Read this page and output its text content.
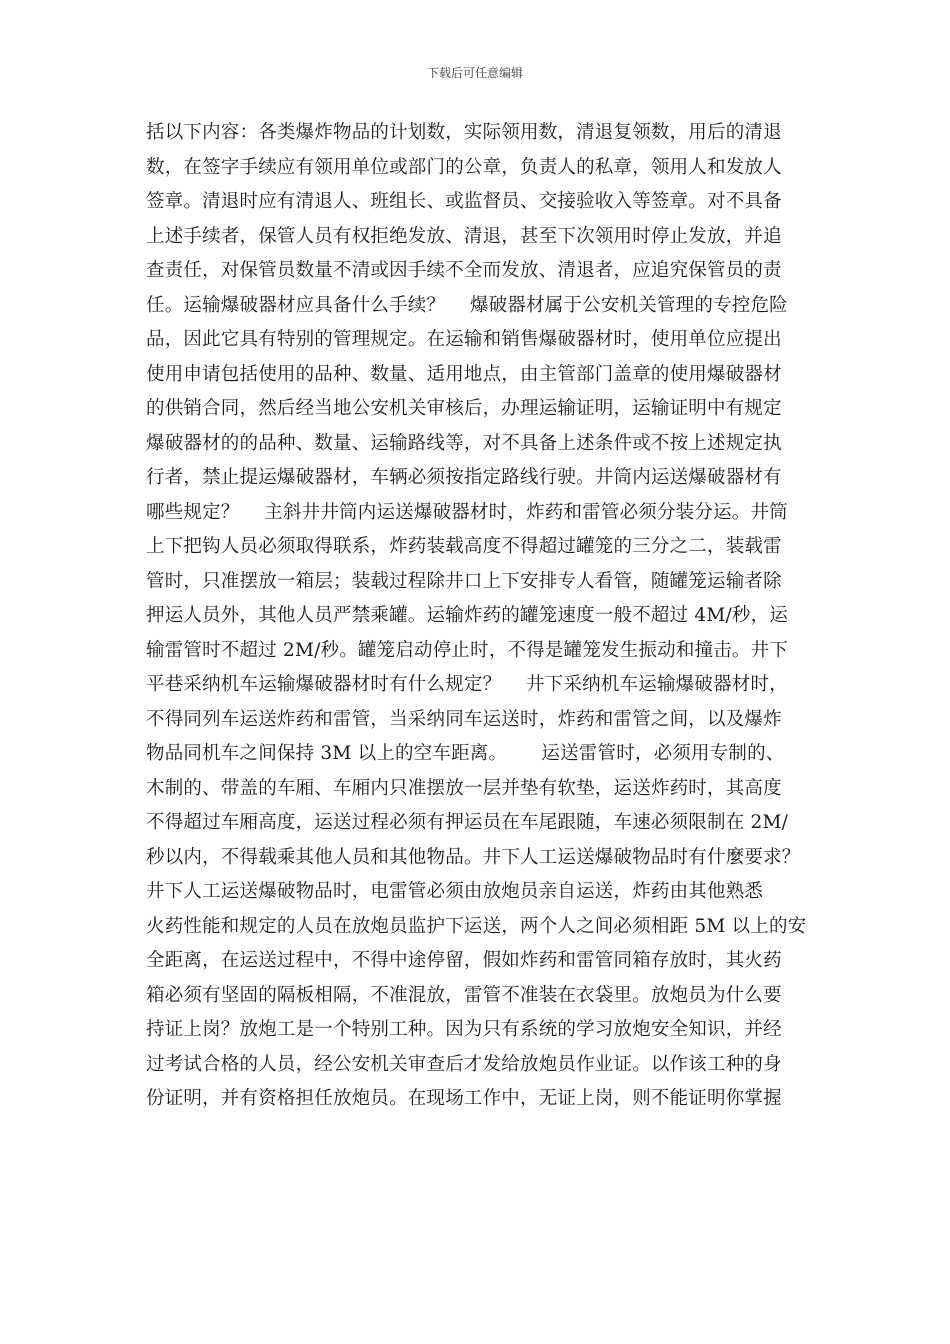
下载后可任意编辑
括以下内容：各类爆炸物品的计划数，实际领用数，清退复领数，用后的清退
数，在签字手续应有领用单位或部门的公章，负责人的私章，领用人和发放人
签章。清退时应有清退人、班组长、或监督员、交接验收入等签章。对不具备
上述手续者，保管人员有权拒绝发放、清退，甚至下次领用时停止发放，并追
查责任，对保管员数量不清或因手续不全而发放、清退者，应追究保管员的责
任。运输爆破器材应具备什么手续？　 爆破器材属于公安机关管理的专控危险
品，因此它具有特别的管理规定。在运输和销售爆破器材时，使用单位应提出
使用申请包括使用的品种、数量、适用地点，由主管部门盖章的使用爆破器材
的供销合同，然后经当地公安机关审核后，办理运输证明，运输证明中有规定
爆破器材的的品种、数量、运输路线等，对不具备上述条件或不按上述规定执
行者，禁止提运爆破器材，车辆必须按指定路线行驶。井筒内运送爆破器材有
哪些规定？　 主斜井井筒内运送爆破器材时，炸药和雷管必须分装分运。井筒
上下把钩人员必须取得联系，炸药装载高度不得超过罐笼的三分之二，装载雷
管时，只准摆放一箱层；装载过程除井口上下安排专人看管，随罐笼运输者除
押运人员外，其他人员严禁乘罐。运输炸药的罐笼速度一般不超过 4M/秒，运
输雷管时不超过 2M/秒。罐笼启动停止时，不得是罐笼发生振动和撞击。井下
平巷采纳机车运输爆破器材时有什么规定？　 井下采纳机车运输爆破器材时，
不得同列车运送炸药和雷管，当采纳同车运送时，炸药和雷管之间，以及爆炸
物品同机车之间保持 3M 以上的空车距离。　　 运送雷管时，必须用专制的、
木制的、带盖的车厢、车厢内只准摆放一层并垫有软垫，运送炸药时，其高度
不得超过车厢高度，运送过程必须有押运员在车尾跟随，车速必须限制在 2M/
秒以内，不得载乘其他人员和其他物品。井下人工运送爆破物品时有什麼要求？
井下人工运送爆破物品时，电雷管必须由放炮员亲自运送，炸药由其他熟悉
火药性能和规定的人员在放炮员监护下运送，两个人之间必须相距 5M 以上的安
全距离，在运送过程中，不得中途停留，假如炸药和雷管同箱存放时，其火药
箱必须有坚固的隔板相隔，不准混放，雷管不准装在衣袋里。放炮员为什么要
持证上岗？放炮工是一个特别工种。因为只有系统的学习放炮安全知识，并经
过考试合格的人员，经公安机关审查后才发给放炮员作业证。以作该工种的身
份证明，并有资格担任放炮员。在现场工作中，无证上岗，则不能证明你掌握
